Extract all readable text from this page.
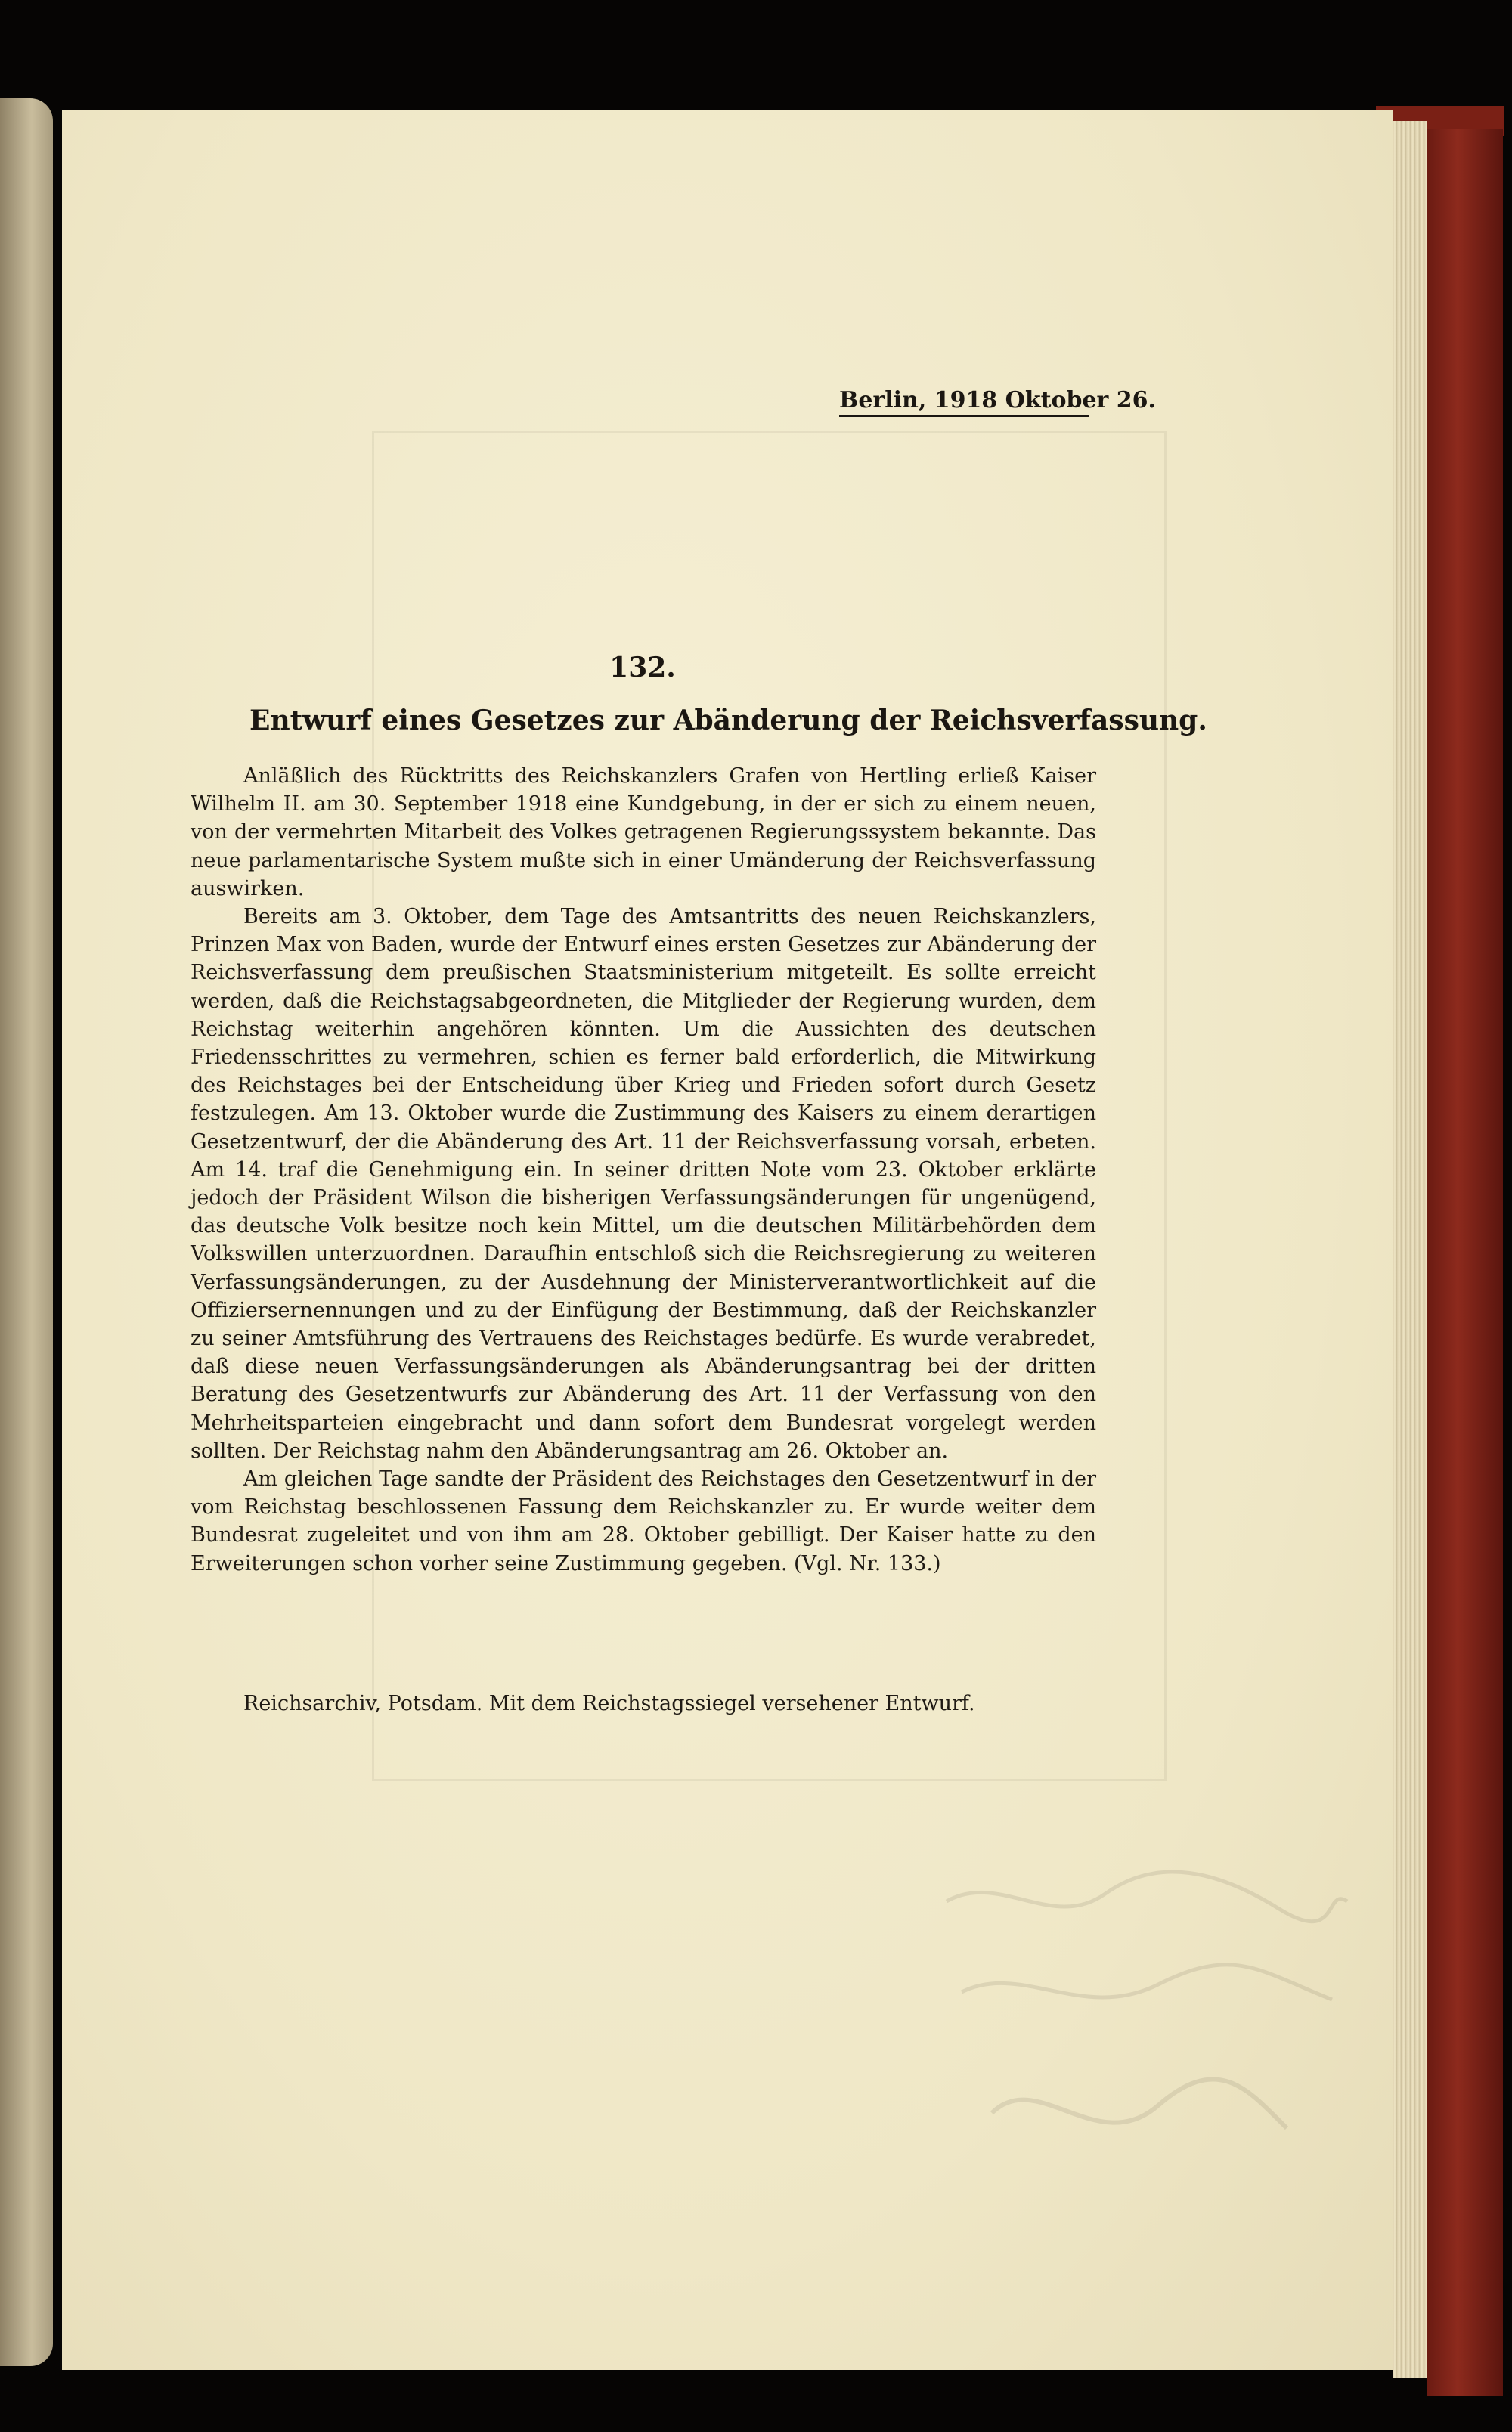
Berlin, 1918 Oktober 26.
132.
Entwurf eines Gesetzes zur Abänderung der Reichsverfassung.

Anläßlich des Rücktritts des Reichskanzlers Grafen von Hertling erließ Kaiser Wilhelm II. am 30. September 1918 eine Kundgebung, in der er sich zu einem neuen, von der vermehrten Mitarbeit des Volkes getragenen Regierungssystem bekannte. Das neue parlamentarische System mußte sich in einer Umänderung der Reichsverfassung auswirken.

Bereits am 3. Oktober, dem Tage des Amtsantritts des neuen Reichskanzlers, Prinzen Max von Baden, wurde der Entwurf eines ersten Gesetzes zur Abänderung der Reichsverfassung dem preußischen Staatsministerium mitgeteilt. Es sollte erreicht werden, daß die Reichstagsabgeordneten, die Mitglieder der Regierung wurden, dem Reichstag weiterhin angehören könnten. Um die Aussichten des deutschen Friedensschrittes zu vermehren, schien es ferner bald erforderlich, die Mitwirkung des Reichstages bei der Entscheidung über Krieg und Frieden sofort durch Gesetz festzulegen. Am 13. Oktober wurde die Zustimmung des Kaisers zu einem derartigen Gesetzentwurf, der die Abänderung des Art. 11 der Reichsverfassung vorsah, erbeten. Am 14. traf die Genehmigung ein. In seiner dritten Note vom 23. Oktober erklärte jedoch der Präsident Wilson die bisherigen Verfassungsänderungen für ungenügend, das deutsche Volk besitze noch kein Mittel, um die deutschen Militärbehörden dem Volkswillen unterzuordnen. Daraufhin entschloß sich die Reichsregierung zu weiteren Verfassungsänderungen, zu der Ausdehnung der Ministerverantwortlichkeit auf die Offiziersernennungen und zu der Einfügung der Bestimmung, daß der Reichskanzler zu seiner Amtsführung des Vertrauens des Reichstages bedürfe. Es wurde verabredet, daß diese neuen Verfassungsänderungen als Abänderungsantrag bei der dritten Beratung des Gesetzentwurfs zur Abänderung des Art. 11 der Verfassung von den Mehrheitsparteien eingebracht und dann sofort dem Bundesrat vorgelegt werden sollten. Der Reichstag nahm den Abänderungsantrag am 26. Oktober an.

Am gleichen Tage sandte der Präsident des Reichstages den Gesetzentwurf in der vom Reichstag beschlossenen Fassung dem Reichskanzler zu. Er wurde weiter dem Bundesrat zugeleitet und von ihm am 28. Oktober gebilligt. Der Kaiser hatte zu den Erweiterungen schon vorher seine Zustimmung gegeben. (Vgl. Nr. 133.)

Reichsarchiv, Potsdam. Mit dem Reichstagssiegel versehener Entwurf.
